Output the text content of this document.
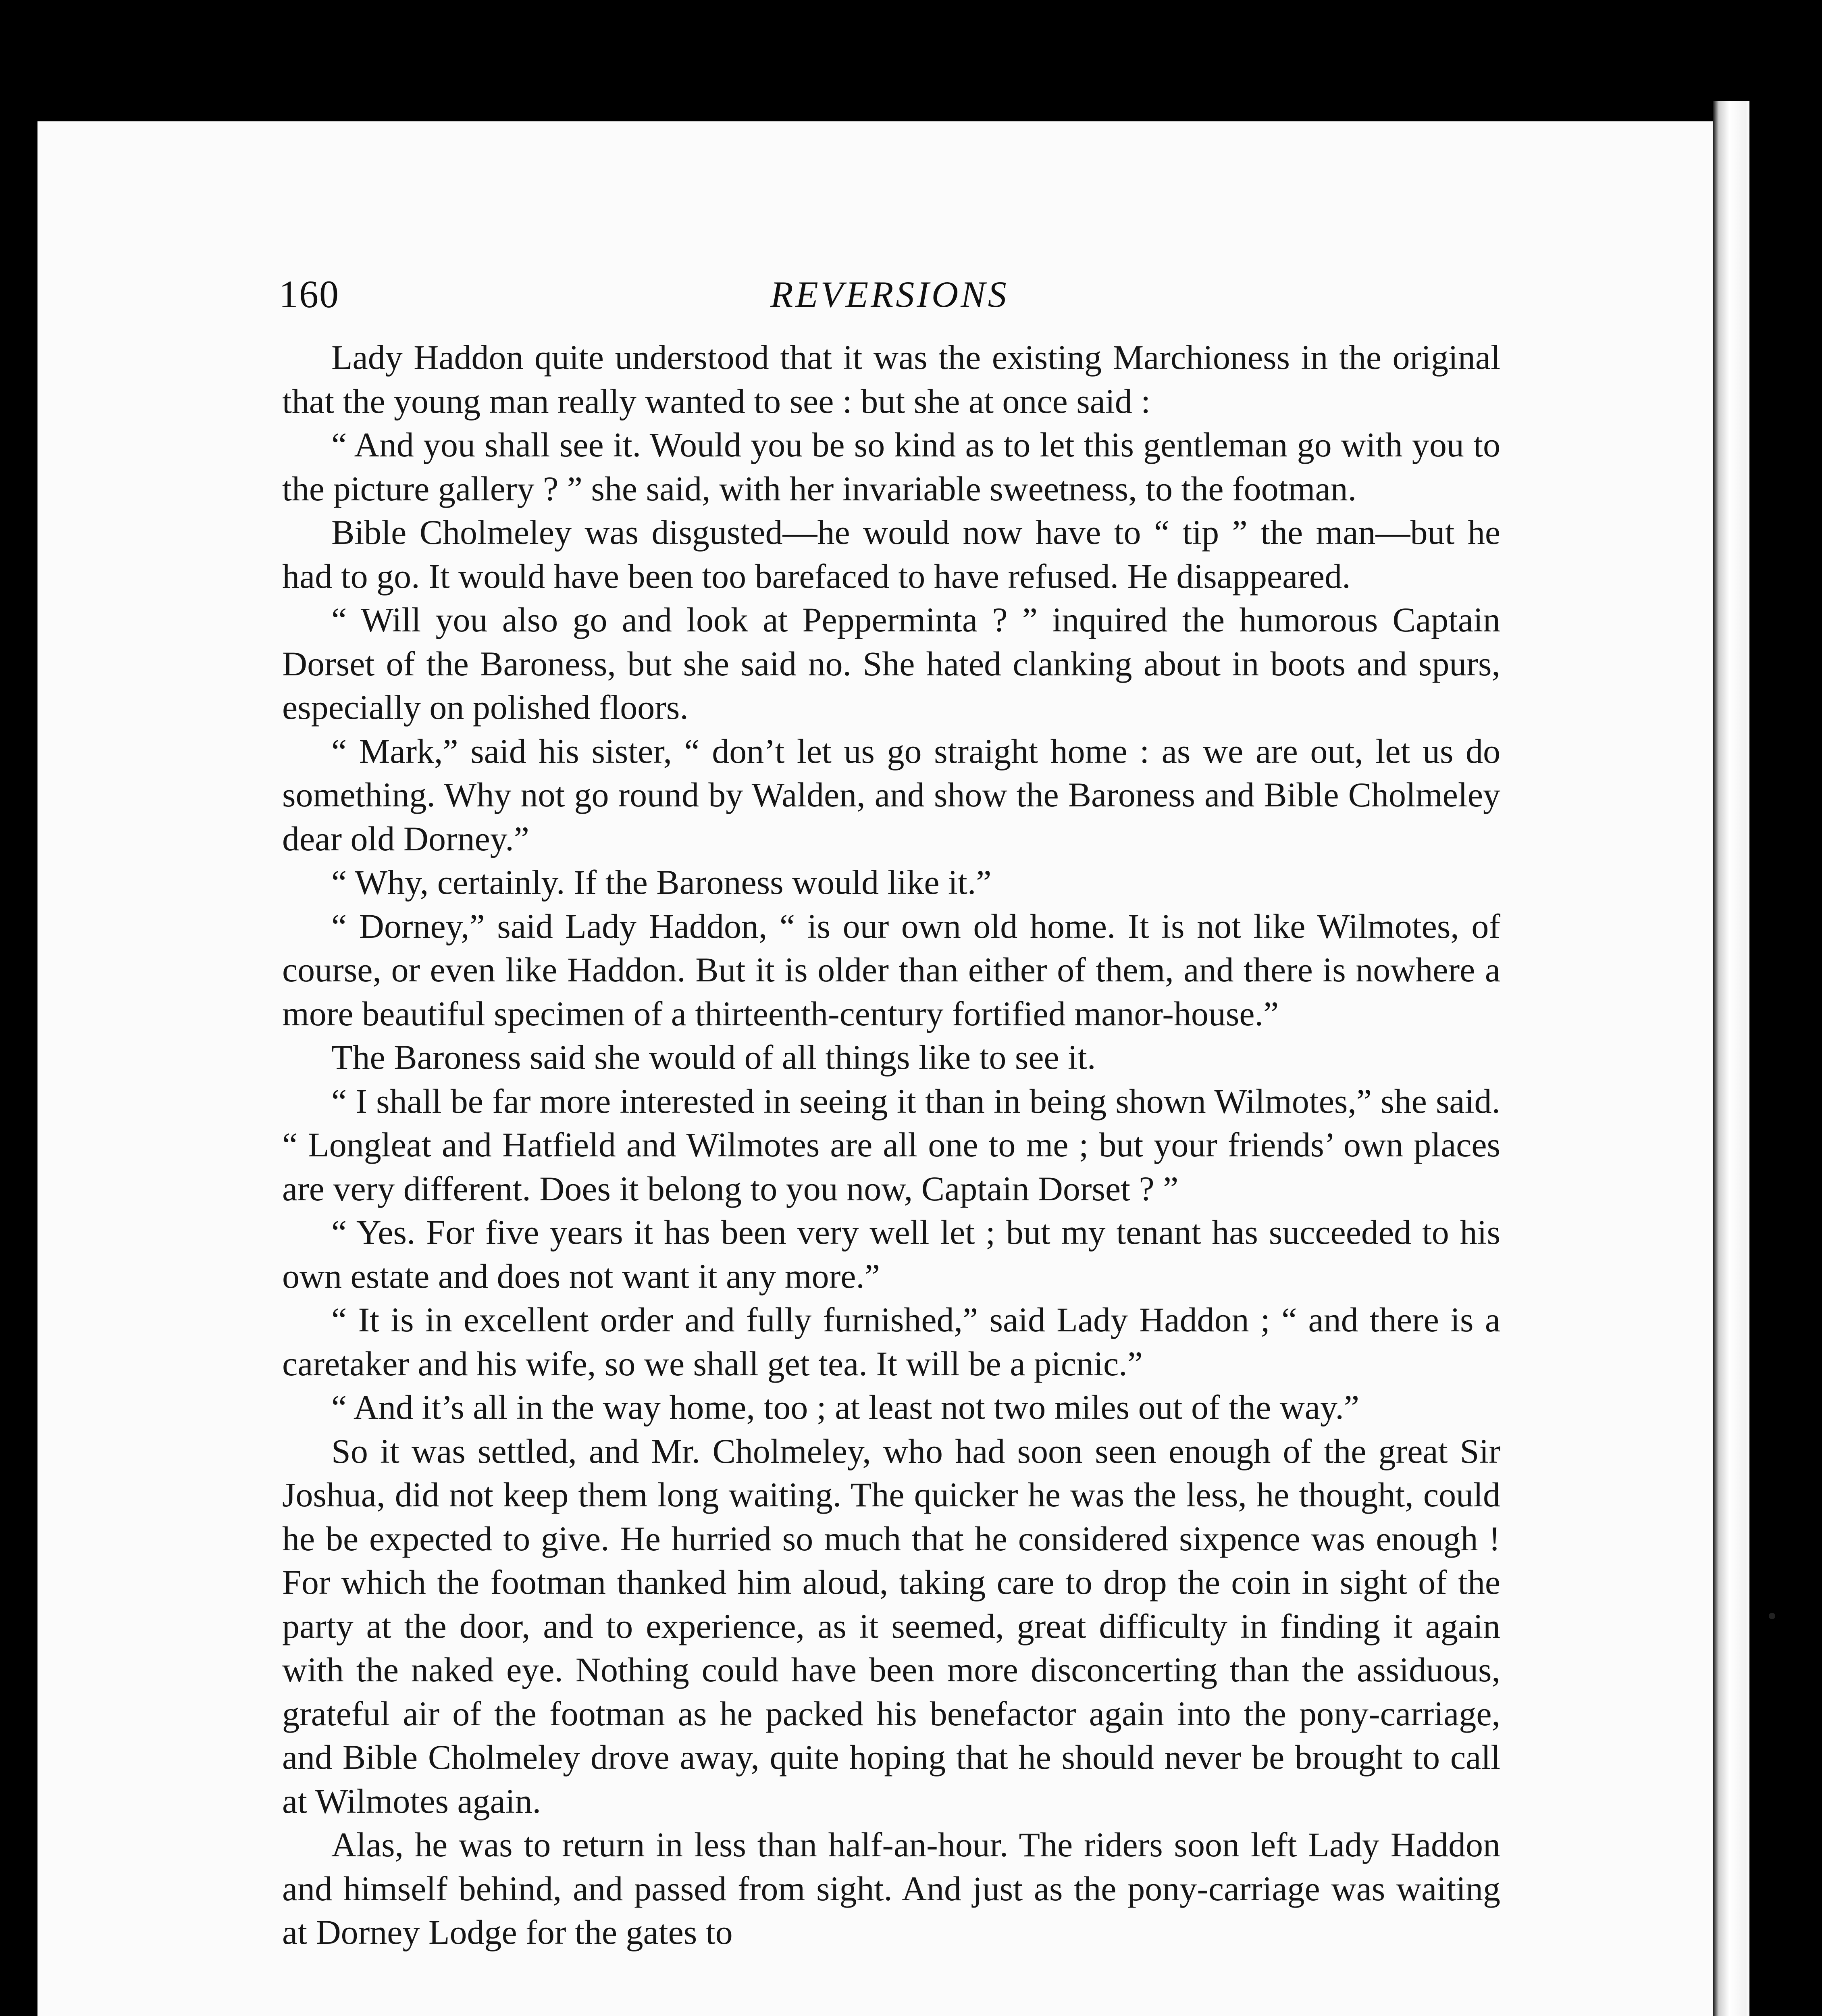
160	REVERSIONS

Lady Haddon quite understood that it was the existing Marchioness in the original that the young man really wanted to see : but she at once said :

“ And you shall see it. Would you be so kind as to let this gentleman go with you to the picture gallery ? ” she said, with her invariable sweetness, to the footman.

Bible Cholmeley was disgusted—he would now have to “ tip ” the man—but he had to go. It would have been too barefaced to have refused. He disappeared.

“ Will you also go and look at Pepperminta ? ” inquired the humorous Captain Dorset of the Baroness, but she said no. She hated clanking about in boots and spurs, especially on polished floors.

“ Mark,” said his sister, “ don’t let us go straight home : as we are out, let us do something. Why not go round by Walden, and show the Baroness and Bible Cholmeley dear old Dorney.”

“ Why, certainly. If the Baroness would like it.”

“ Dorney,” said Lady Haddon, “ is our own old home. It is not like Wilmotes, of course, or even like Haddon. But it is older than either of them, and there is nowhere a more beautiful specimen of a thirteenth-century fortified manor-house.”

The Baroness said she would of all things like to see it.

“ I shall be far more interested in seeing it than in being shown Wilmotes,” she said. “ Longleat and Hatfield and Wilmotes are all one to me ; but your friends’ own places are very different. Does it belong to you now, Captain Dorset ? ”

“ Yes. For five years it has been very well let ; but my tenant has succeeded to his own estate and does not want it any more.”

“ It is in excellent order and fully furnished,” said Lady Haddon ; “ and there is a caretaker and his wife, so we shall get tea. It will be a picnic.”

“ And it’s all in the way home, too ; at least not two miles out of the way.”

So it was settled, and Mr. Cholmeley, who had soon seen enough of the great Sir Joshua, did not keep them long waiting. The quicker he was the less, he thought, could he be expected to give. He hurried so much that he considered sixpence was enough ! For which the footman thanked him aloud, taking care to drop the coin in sight of the party at the door, and to experience, as it seemed, great difficulty in finding it again with the naked eye. Nothing could have been more disconcerting than the assiduous, grateful air of the footman as he packed his benefactor again into the pony-carriage, and Bible Cholmeley drove away, quite hoping that he should never be brought to call at Wilmotes again.

Alas, he was to return in less than half-an-hour. The riders soon left Lady Haddon and himself behind, and passed from sight. And just as the pony-carriage was waiting at Dorney Lodge for the gates to
